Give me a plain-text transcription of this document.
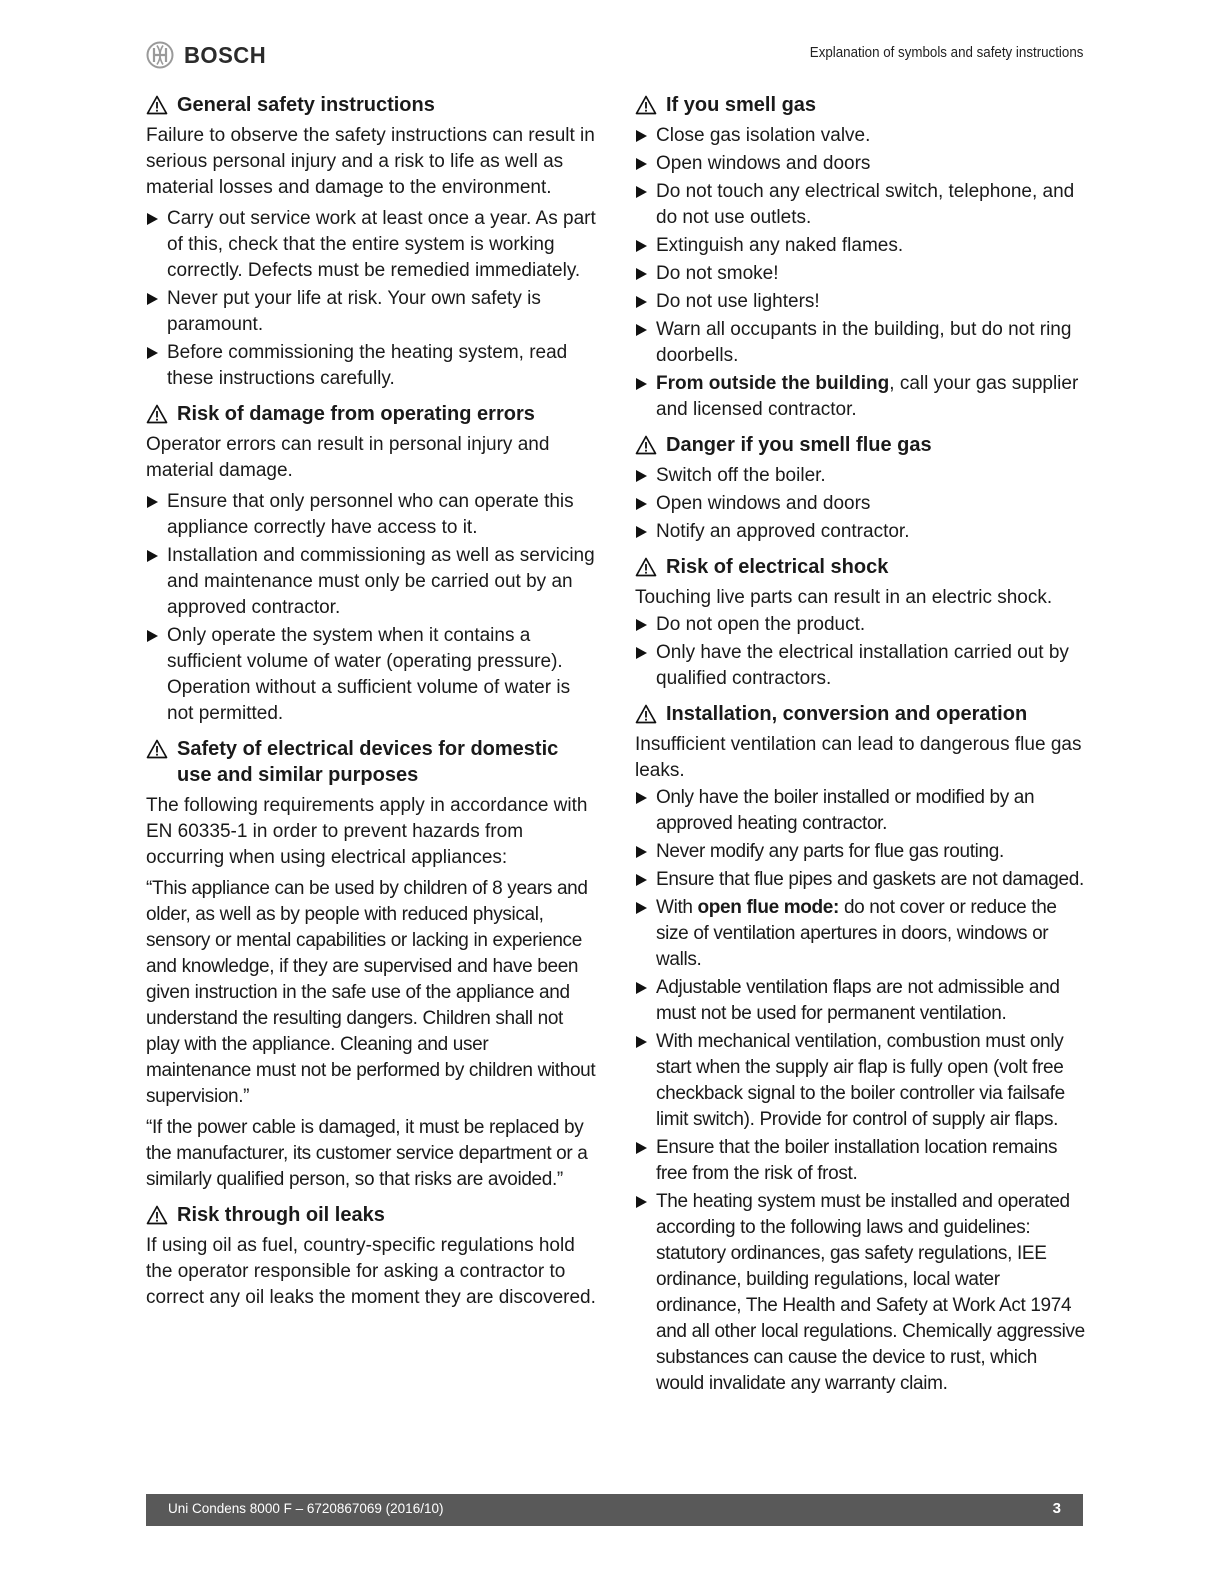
BOSCH	Explanation of symbols and safety instructions
General safety instructions
Failure to observe the safety instructions can result in serious personal injury and a risk to life as well as material losses and damage to the environment.
Carry out service work at least once a year. As part of this, check that the entire system is working correctly. Defects must be remedied immediately.
Never put your life at risk. Your own safety is paramount.
Before commissioning the heating system, read these instructions carefully.
Risk of damage from operating errors
Operator errors can result in personal injury and material damage.
Ensure that only personnel who can operate this appliance correctly have access to it.
Installation and commissioning as well as servicing and maintenance must only be carried out by an approved contractor.
Only operate the system when it contains a sufficient volume of water (operating pressure). Operation without a sufficient volume of water is not permitted.
Safety of electrical devices for domestic use and similar purposes
The following requirements apply in accordance with EN 60335-1 in order to prevent hazards from occurring when using electrical appliances:
“This appliance can be used by children of 8 years and older, as well as by people with reduced physical, sensory or mental capabilities or lacking in experience and knowledge, if they are supervised and have been given instruction in the safe use of the appliance and understand the resulting dangers. Children shall not play with the appliance. Cleaning and user maintenance must not be performed by children without supervision.”
“If the power cable is damaged, it must be replaced by the manufacturer, its customer service department or a similarly qualified person, so that risks are avoided.”
Risk through oil leaks
If using oil as fuel, country-specific regulations hold the operator responsible for asking a contractor to correct any oil leaks the moment they are discovered.
If you smell gas
Close gas isolation valve.
Open windows and doors
Do not touch any electrical switch, telephone, and do not use outlets.
Extinguish any naked flames.
Do not smoke!
Do not use lighters!
Warn all occupants in the building, but do not ring doorbells.
From outside the building, call your gas supplier and licensed contractor.
Danger if you smell flue gas
Switch off the boiler.
Open windows and doors
Notify an approved contractor.
Risk of electrical shock
Touching live parts can result in an electric shock.
Do not open the product.
Only have the electrical installation carried out by qualified contractors.
Installation, conversion and operation
Insufficient ventilation can lead to dangerous flue gas leaks.
Only have the boiler installed or modified by an approved heating contractor.
Never modify any parts for flue gas routing.
Ensure that flue pipes and gaskets are not damaged.
With open flue mode: do not cover or reduce the size of ventilation apertures in doors, windows or walls.
Adjustable ventilation flaps are not admissible and must not be used for permanent ventilation.
With mechanical ventilation, combustion must only start when the supply air flap is fully open (volt free checkback signal to the boiler controller via failsafe limit switch). Provide for control of supply air flaps.
Ensure that the boiler installation location remains free from the risk of frost.
The heating system must be installed and operated according to the following laws and guidelines: statutory ordinances, gas safety regulations, IEE ordinance, building regulations, local water ordinance, The Health and Safety at Work Act 1974 and all other local regulations. Chemically aggressive substances can cause the device to rust, which would invalidate any warranty claim.
Uni Condens 8000 F – 6720867069 (2016/10)	3
